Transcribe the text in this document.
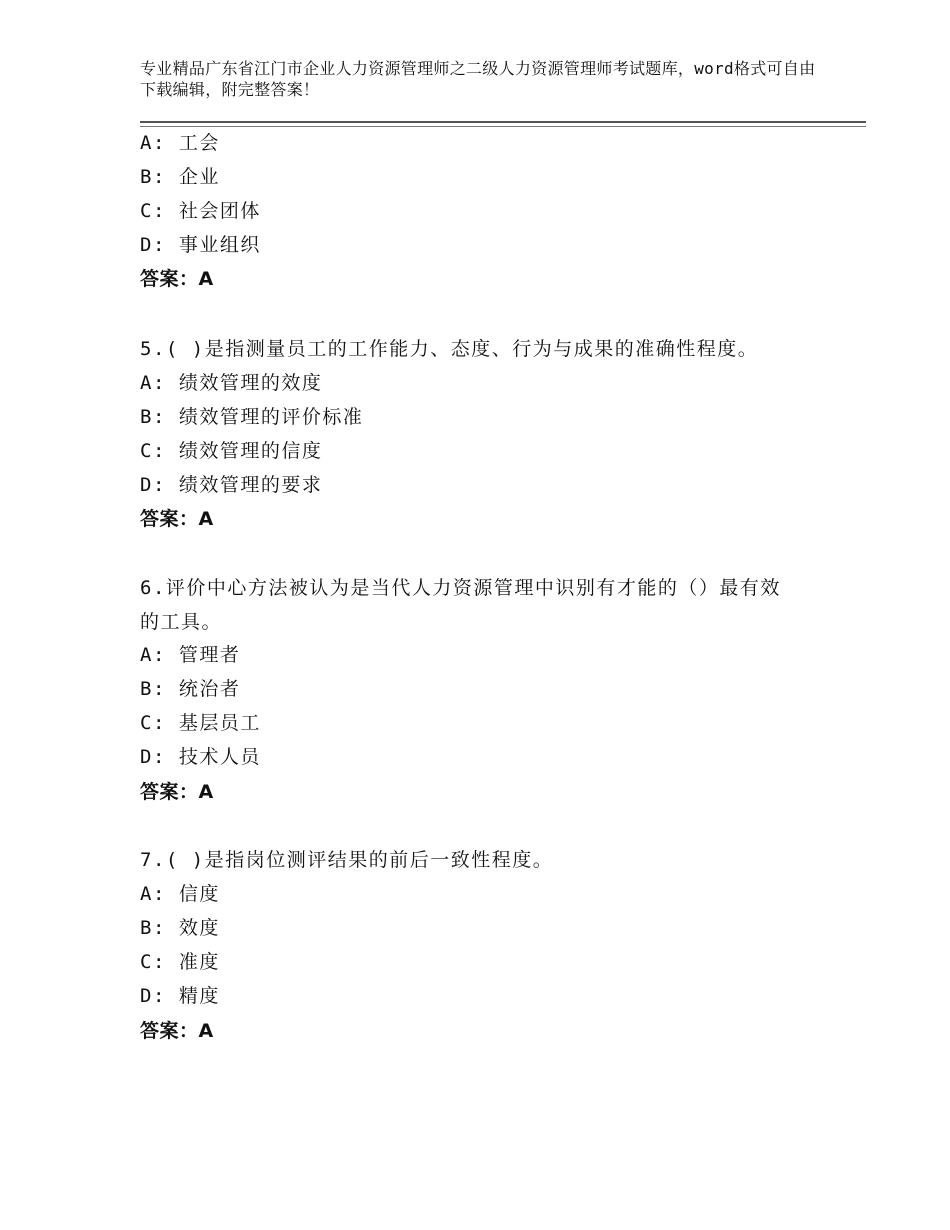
专业精品广东省江门市企业人力资源管理师之二级人力资源管理师考试题库，word格式可自由下载编辑，附完整答案！
A: 工会
B: 企业
C: 社会团体
D: 事业组织
答案：A
5.( )是指测量员工的工作能力、态度、行为与成果的准确性程度。
A: 绩效管理的效度
B: 绩效管理的评价标准
C: 绩效管理的信度
D: 绩效管理的要求
答案：A
6.评价中心方法被认为是当代人力资源管理中识别有才能的（）最有效的工具。
A: 管理者
B: 统治者
C: 基层员工
D: 技术人员
答案：A
7.( )是指岗位测评结果的前后一致性程度。
A: 信度
B: 效度
C: 准度
D: 精度
答案：A
